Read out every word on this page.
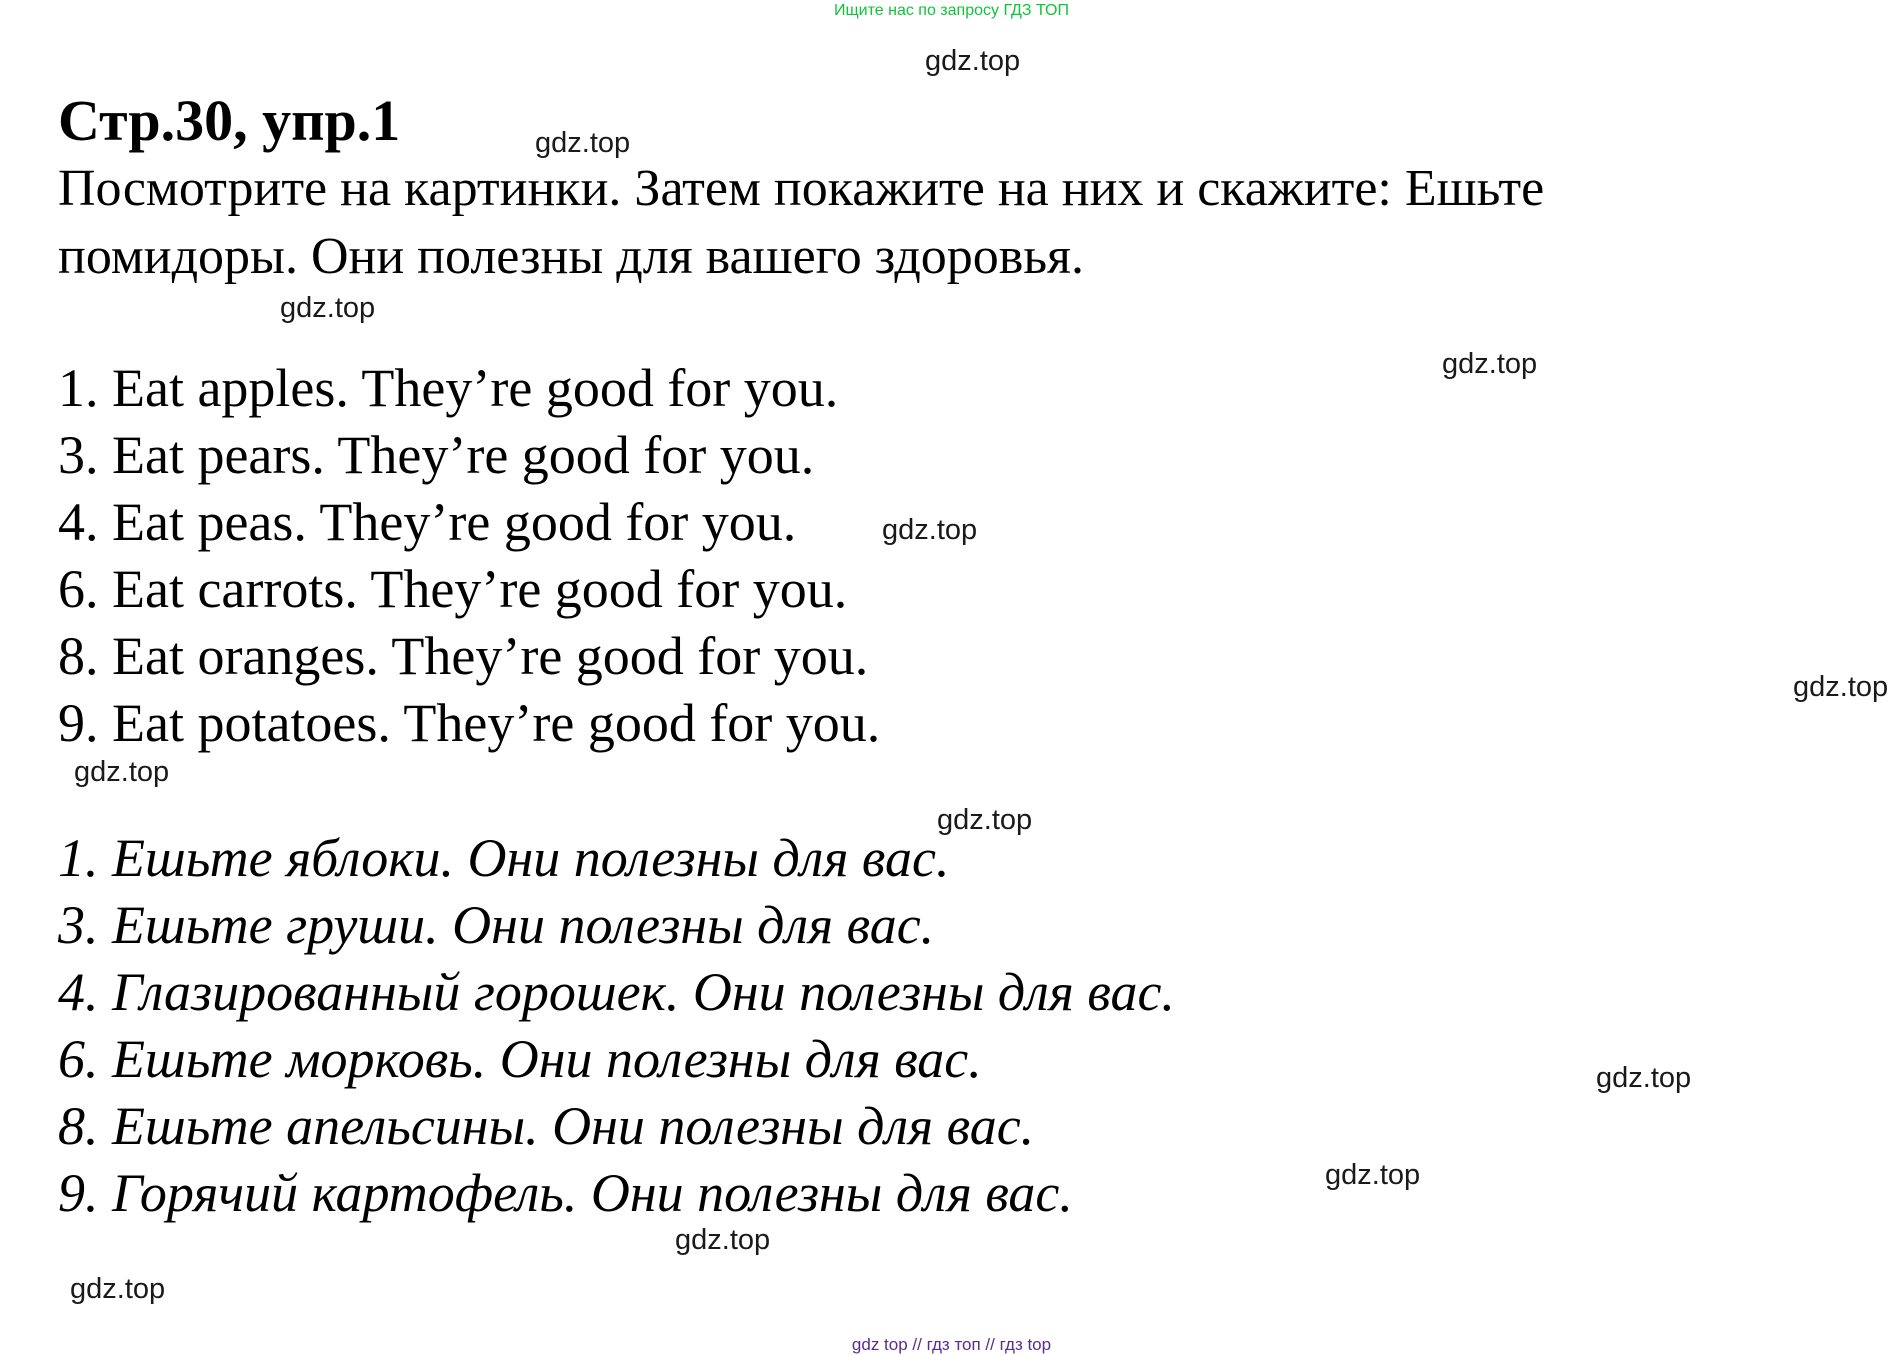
Ищите нас по запросу ГДЗ ТОП
Стр.30, упр.1
Посмотрите на картинки. Затем покажите на них и скажите: Ешьте
помидоры. Они полезны для вашего здоровья.
1. Eat apples. They’re good for you.
3. Eat pears. They’re good for you.
4. Eat peas. They’re good for you.
6. Eat carrots. They’re good for you.
8. Eat oranges. They’re good for you.
9. Eat potatoes. They’re good for you.
1. Ешьте яблоки. Они полезны для вас.
3. Ешьте груши. Они полезны для вас.
4. Глазированный горошек. Они полезны для вас.
6. Ешьте морковь. Они полезны для вас.
8. Ешьте апельсины. Они полезны для вас.
9. Горячий картофель. Они полезны для вас.
gdz.top
gdz.top
gdz.top
gdz.top
gdz.top
gdz.top
gdz.top
gdz.top
gdz.top
gdz.top
gdz.top
gdz.top
gdz top // гдз топ // гдз top
